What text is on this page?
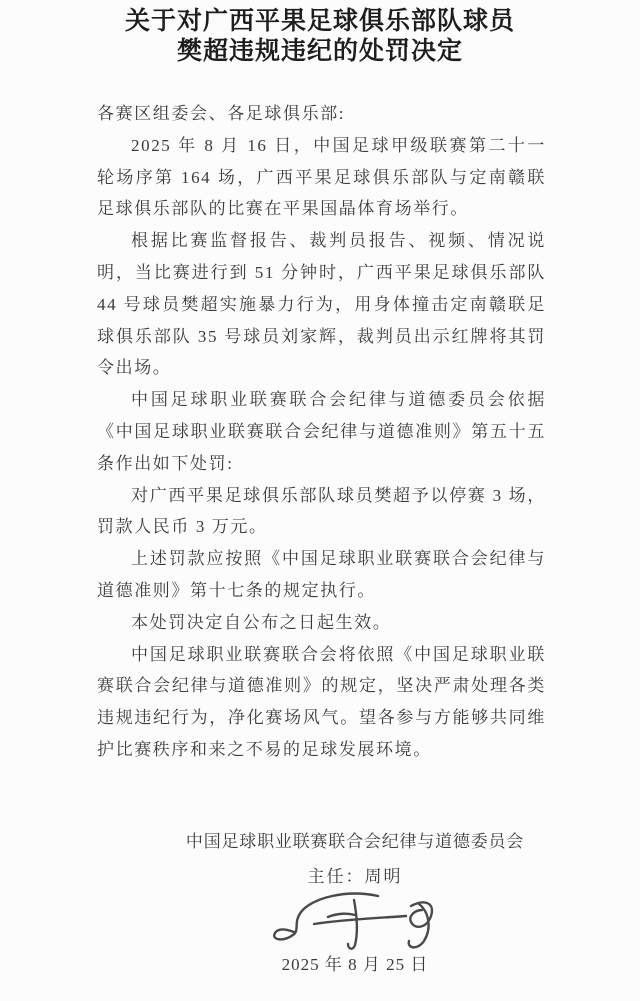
关于对广西平果足球俱乐部队球员
樊超违规违纪的处罚决定

各赛区组委会、各足球俱乐部:

2025 年 8 月 16 日，中国足球甲级联赛第二十一轮场序第 164 场，广西平果足球俱乐部队与定南赣联足球俱乐部队的比赛在平果国晶体育场举行。

根据比赛监督报告、裁判员报告、视频、情况说明，当比赛进行到 51 分钟时，广西平果足球俱乐部队 44 号球员樊超实施暴力行为，用身体撞击定南赣联足球俱乐部队 35 号球员刘家辉，裁判员出示红牌将其罚令出场。

中国足球职业联赛联合会纪律与道德委员会依据《中国足球职业联赛联合会纪律与道德准则》第五十五条作出如下处罚:

对广西平果足球俱乐部队球员樊超予以停赛 3 场，罚款人民币 3 万元。

上述罚款应按照《中国足球职业联赛联合会纪律与道德准则》第十七条的规定执行。

本处罚决定自公布之日起生效。

中国足球职业联赛联合会将依照《中国足球职业联赛联合会纪律与道德准则》的规定，坚决严肃处理各类违规违纪行为，净化赛场风气。望各参与方能够共同维护比赛秩序和来之不易的足球发展环境。

中国足球职业联赛联合会纪律与道德委员会
主任：周明
2025 年 8 月 25 日
